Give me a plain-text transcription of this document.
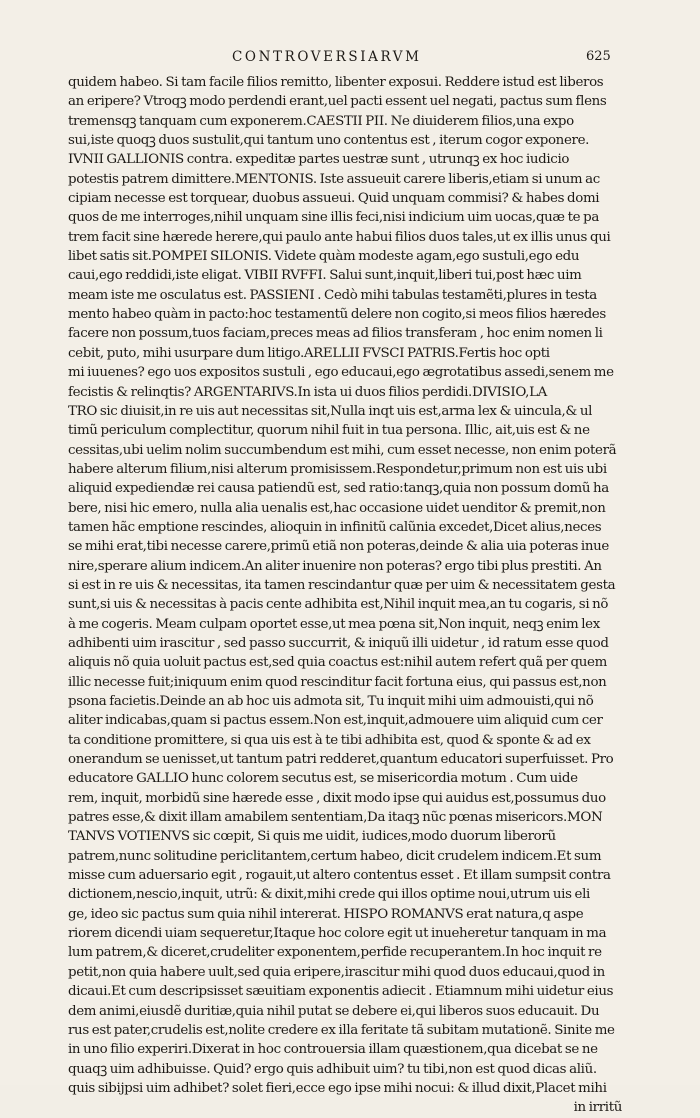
CONTROVERSIARVM	625
quidem habeo. Si tam facile filios remitto, libenter exposui. Reddere istud est liberos
an eripere? Vtroqꝫ modo perdendi erant,uel pacti essent uel negati, pactus sum flens
tremensqꝫ tanquam cum exponerem.CAESTII PII. Ne diuiderem filios,una expo
sui,iste quoqꝫ duos sustulit,qui tantum uno contentus est , iterum cogor exponere.
IVNII GALLIONIS contra. expeditæ partes uestræ sunt , utrunqꝫ ex hoc iudicio
potestis patrem dimittere.MENTONIS. Iste assueuit carere liberis,etiam si unum ac
cipiam necesse est torquear, duobus assueui. Quid unquam commisi? & habes domi
quos de me interroges,nihil unquam sine illis feci,nisi indicium uim uocas,quæ te pa
trem facit sine hærede herere,qui paulo ante habui filios duos tales,ut ex illis unus qui
libet satis sit.POMPEI SILONIS. Videte quàm modeste agam,ego sustuli,ego edu
caui,ego reddidi,iste eligat. VIBII RVFFI. Salui sunt,inquit,liberi tui,post hæc uim
meam iste me osculatus est. PASSIENI . Cedò mihi tabulas testamẽti,plures in testa
mento habeo quàm in pacto:hoc testamentũ delere non cogito,si meos filios hæredes
facere non possum,tuos faciam,preces meas ad filios transferam , hoc enim nomen li
cebit, puto, mihi usurpare dum litigo.ARELLII FVSCI PATRIS.Fertis hoc opti
mi iuuenes? ego uos expositos sustuli , ego educaui,ego ægrotatibus assedi,senem me
fecistis & relinqtis? ARGENTARIVS.In ista ui duos filios perdidi.DIVISIO,LA
TRO sic diuisit,in re uis aut necessitas sit,Nulla inqt uis est,arma lex & uincula,& ul
timũ periculum complectitur, quorum nihil fuit in tua persona. Illic, ait,uis est & ne
cessitas,ubi uelim nolim succumbendum est mihi, cum esset necesse, non enim poterã
habere alterum filium,nisi alterum promisissem.Respondetur,primum non est uis ubi
aliquid expediendæ rei causa patiendũ est, sed ratio:tanqꝫ,quia non possum domũ ha
bere, nisi hic emero, nulla alia uenalis est,hac occasione uidet uenditor & premit,non
tamen hãc emptione rescindes, alioquin in infinitũ calũnia excedet,Dicet alius,neces
se mihi erat,tibi necesse carere,primũ etiã non poteras,deinde & alia uia poteras inue
nire,sperare alium indicem.An aliter inuenire non poteras? ergo tibi plus prestiti. An
si est in re uis & necessitas, ita tamen rescindantur quæ per uim & necessitatem gesta
sunt,si uis & necessitas à pacis cente adhibita est,Nihil inquit mea,an tu cogaris, si nõ
à me cogeris. Meam culpam oportet esse,ut mea pœna sit,Non inquit, neqꝫ enim lex
adhibenti uim irascitur , sed passo succurrit, & iniquũ illi uidetur , id ratum esse quod
aliquis nõ quia uoluit pactus est,sed quia coactus est:nihil autem refert quã per quem
illic necesse fuit;iniquum enim quod rescinditur facit fortuna eius, qui passus est,non
psona facietis.Deinde an ab hoc uis admota sit, Tu inquit mihi uim admouisti,qui nõ
aliter indicabas,quam si pactus essem.Non est,inquit,admouere uim aliquid cum cer
ta conditione promittere, si qua uis est à te tibi adhibita est, quod & sponte & ad ex
onerandum se uenisset,ut tantum patri redderet,quantum educatori superfuisset. Pro
educatore GALLIO hunc colorem secutus est, se misericordia motum . Cum uide
rem, inquit, morbidũ sine hærede esse , dixit modo ipse qui auidus est,possumus duo
patres esse,& dixit illam amabilem sententiam,Da itaqꝫ nũc pœnas misericors.MON
TANVS VOTIENVS sic cœpit, Si quis me uidit, iudices,modo duorum liberorũ
patrem,nunc solitudine periclitantem,certum habeo, dicit crudelem indicem.Et sum
misse cum aduersario egit , rogauit,ut altero contentus esset . Et illam sumpsit contra
dictionem,nescio,inquit, utrũ: & dixit,mihi crede qui illos optime noui,utrum uis eli
ge, ideo sic pactus sum quia nihil intererat. HISPO ROMANVS erat natura,q aspe
riorem dicendi uiam sequeretur,Itaque hoc colore egit ut inueheretur tanquam in ma
lum patrem,& diceret,crudeliter exponentem,perfide recuperantem.In hoc inquit re
petit,non quia habere uult,sed quia eripere,irascitur mihi quod duos educaui,quod in
dicaui.Et cum descripsisset sæuitiam exponentis adiecit . Etiamnum mihi uidetur eius
dem animi,eiusdẽ duritiæ,quia nihil putat se debere ei,qui liberos suos educauit. Du
rus est pater,crudelis est,nolite credere ex illa feritate tã subitam mutationẽ. Sinite me
in uno filio experiri.Dixerat in hoc controuersia illam quæstionem,qua dicebat se ne
quaqꝫ uim adhibuisse. Quid? ergo quis adhibuit uim? tu tibi,non est quod dicas aliũ.
quis sibijpsi uim adhibet? solet fieri,ecce ego ipse mihi nocui: & illud dixit,Placet mihi
in irritũ
